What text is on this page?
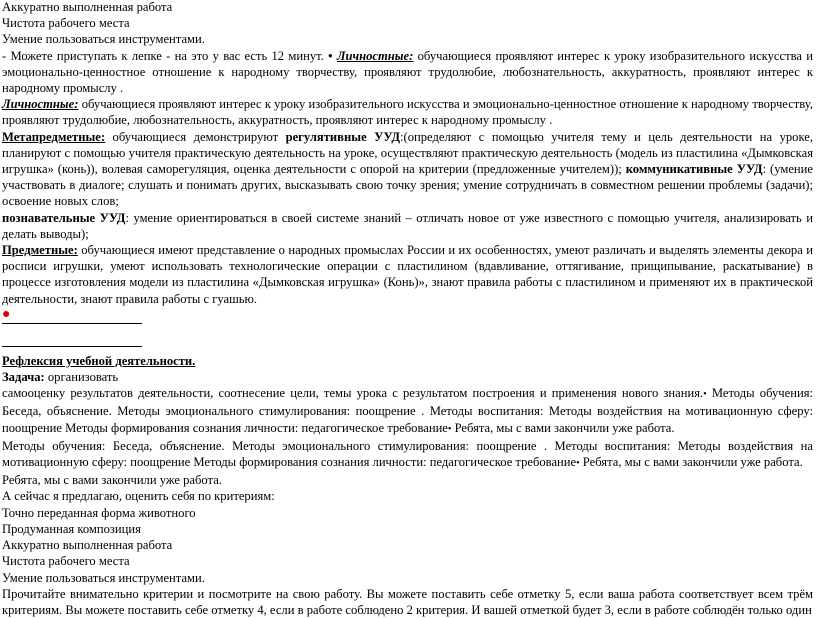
Аккуратно выполненная работа

Чистота рабочего места

Умение пользоваться инструментами.

- Можете приступать к лепке - на это у вас есть 12 минут. • Личностные: обучающиеся проявляют интерес к уроку изобразительного искусства и эмоционально-ценностное отношение к народному творчеству, проявляют трудолюбие, любознательность, аккуратность, проявляют интерес к народному промыслу .

Личностные: обучающиеся проявляют интерес к уроку изобразительного искусства и эмоционально-ценностное отношение к народному творчеству, проявляют трудолюбие, любознательность, аккуратность, проявляют интерес к народному промыслу .

Метапредметные: обучающиеся демонстрируют регулятивные УУД:(определяют с помощью учителя тему и цель деятельности на уроке, планируют с помощью учителя практическую деятельность на уроке, осуществляют практическую деятельность (модель из пластилина «Дымковская игрушка» (конь)), волевая саморегуляция, оценка деятельности с опорой на критерии (предложенные учителем)); коммуникативные УУД: (умение участвовать в диалоге; слушать и понимать других, высказывать свою точку зрения; умение сотрудничать в совместном решении проблемы (задачи); освоение новых слов;

познавательные УУД: умение ориентироваться в своей системе знаний – отличать новое от уже известного с помощью учителя, анализировать и делать выводы);

Предметные: обучающиеся имеют представление о народных промыслах России и их особенностях, умеют различать и выделять элементы декора и росписи игрушки, умеют использовать технологические операции с пластилином (вдавливание, оттягивание, прищипывание, раскатывание) в процессе изготовления модели из пластилина «Дымковская игрушка» (Конь)», знают правила работы с пластилином и применяют их в практической деятельности, знают правила работы с гуашью.

●

Рефлексия учебной деятельности.

Задача: организовать

самооценку результатов деятельности, соотнесение цели, темы урока с результатом построения и применения нового знания.• Методы обучения: Беседа, объяснение. Методы эмоционального стимулирования: поощрение . Методы воспитания: Методы воздействия на мотивационную сферу: поощрение Методы формирования сознания личности: педагогическое требование• Ребята, мы с вами закончили уже работа.

Методы обучения: Беседа, объяснение. Методы эмоционального стимулирования: поощрение . Методы воспитания: Методы воздействия на мотивационную сферу: поощрение Методы формирования сознания личности: педагогическое требование• Ребята, мы с вами закончили уже работа.

Ребята, мы с вами закончили уже работа.

А сейчас я предлагаю, оценить себя по критериям:

Точно переданная форма животного

Продуманная композиция

Аккуратно выполненная работа

Чистота рабочего места

Умение пользоваться инструментами.

Прочитайте внимательно критерии и посмотрите на свою работу. Вы можете поставить себе отметку 5, если ваша работа соответствует всем трём критериям. Вы можете поставить себе отметку 4, если в работе соблюдено 2 критерия. И вашей отметкой будет 3, если в работе соблюдён только один
